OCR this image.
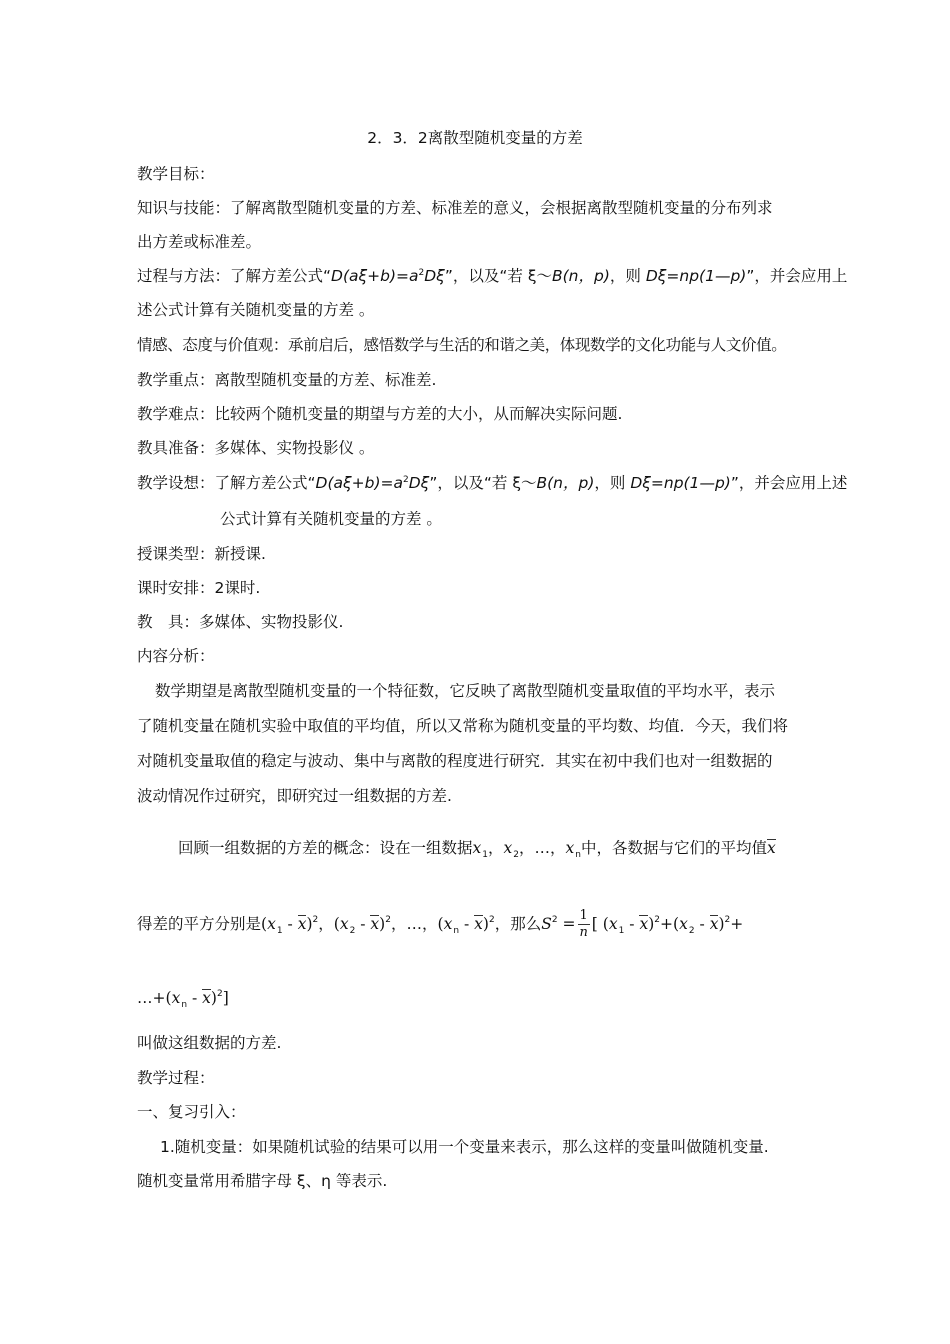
2．3．2离散型随机变量的方差
教学目标：
知识与技能：了解离散型随机变量的方差、标准差的意义，会根据离散型随机变量的分布列求
出方差或标准差。
过程与方法：了解方差公式“$D(a\xi+b)=a^2D\xi$”，以及“若 ξ～B(n，p)，则 Dξ=np(1—p)”，并会应用上
述公式计算有关随机变量的方差 。
情感、态度与价值观：承前启后，感悟数学与生活的和谐之美，体现数学的文化功能与人文价值。
教学重点：离散型随机变量的方差、标准差.
教学难点：比较两个随机变量的期望与方差的大小，从而解决实际问题.
教具准备：多媒体、实物投影仪 。
教学设想：了解方差公式“$D(a\xi+b)=a^2D\xi$”，以及“若 ξ～B(n，p)，则 Dξ=np(1—p)”，并会应用上述
公式计算有关随机变量的方差 。
授课类型：新授课.
课时安排：2课时.
教　具：多媒体、实物投影仪.
内容分析：
数学期望是离散型随机变量的一个特征数，它反映了离散型随机变量取值的平均水平，表示
了随机变量在随机实验中取值的平均值，所以又常称为随机变量的平均数、均值．今天，我们将
对随机变量取值的稳定与波动、集中与离散的程度进行研究．其实在初中我们也对一组数据的
波动情况作过研究，即研究过一组数据的方差.
回顾一组数据的方差的概念：设在一组数据$x_1$，$x_2$，…，$x_n$中，各数据与它们的平均值x
得差的平方分别是$(x_1 - x)^2$，$(x_2 - x)^2$，…，$(x_n - x)^2$，那么$S^2 = \frac{1}{n}$ [ $(x_1 - x)^2+(x_2 - x)^2+$
$\dots+(x_n - x)^2$]
叫做这组数据的方差.
教学过程：
一、复习引入：
1.随机变量：如果随机试验的结果可以用一个变量来表示，那么这样的变量叫做随机变量.
随机变量常用希腊字母 ξ、η 等表示.
